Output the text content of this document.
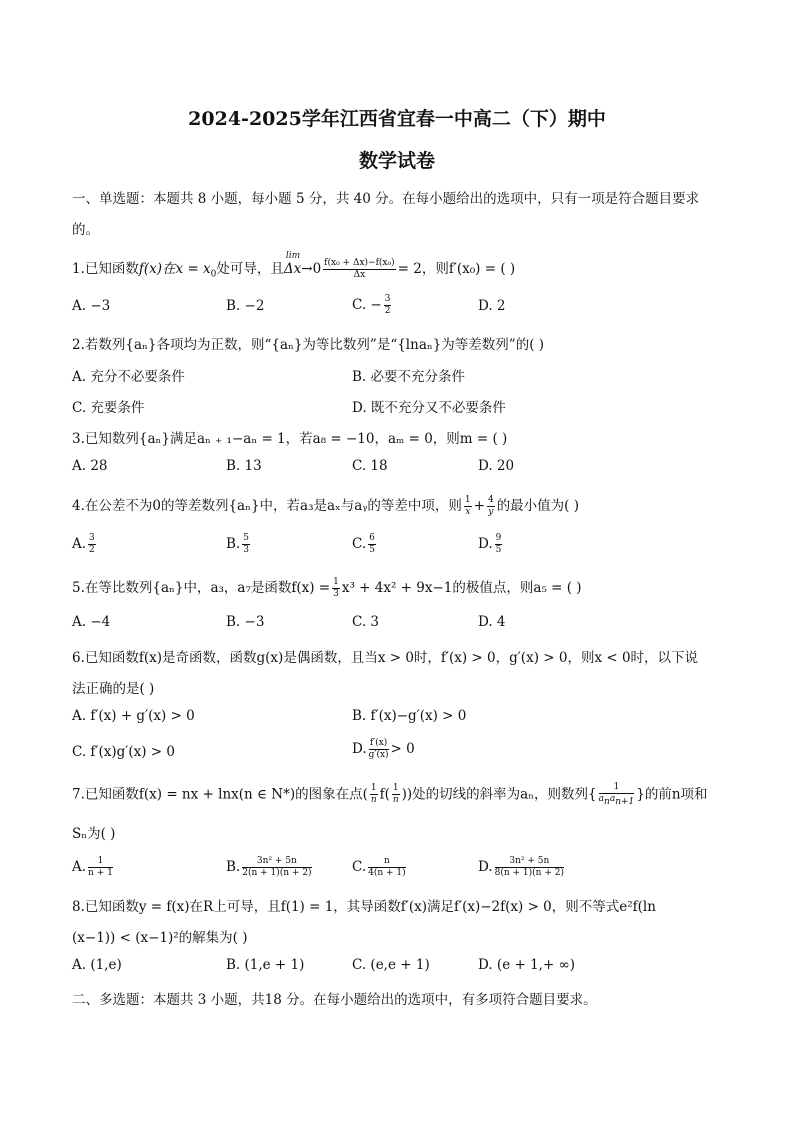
2024-2025学年江西省宜春一中高二（下）期中
数学试卷
一、单选题：本题共 8 小题，每小题 5 分，共 40 分。在每小题给出的选项中，只有一项是符合题目要求
的。
1.已知函数f(x)在$x = x_0$处可导，且
lim
$\Delta x\to 0 \frac{\text{f(x₀ + Δx)−f(x₀)}}{\Delta x} = 2$，则f′(x₀) = ( )
A. −3	B. −2	C. − $\frac{3}{2}$	D. 2
2.若数列{aₙ}各项均为正数，则“{aₙ}为等比数列”是“{lnaₙ}为等差数列”的( )
A. 充分不必要条件	B. 必要不充分条件
C. 充要条件	D. 既不充分又不必要条件
3.已知数列{aₙ}满足aₙ ₊ ₁−aₙ = 1，若a₈ = −10，aₘ = 0，则m = ( )
A. 28	B. 13	C. 18	D. 20
4.在公差不为0的等差数列{aₙ}中，若a₃是aₓ与aᵧ的等差中项，则 $\frac{1}{x} + \frac{4}{y}$ 的最小值为( )
A. $\frac{3}{2}$	B. $\frac{5}{3}$	C. $\frac{6}{5}$	D. $\frac{9}{5}$
5.在等比数列{aₙ}中，a₃，a₇是函数$f(x) = \frac{1}{3} x^3 + 4x^2 + 9x-1$的极值点，则a₅ = ( )
A. −4	B. −3	C. 3	D. 4
6.已知函数f(x)是奇函数，函数g(x)是偶函数，且当x > 0时，f′(x) > 0，g′(x) > 0，则x < 0时，以下说
法正确的是( )
A. f′(x) + g′(x) > 0	B. f′(x)−g′(x) > 0
C. f′(x)g′(x) > 0	D. $\frac{f'(x)}{g'(x)} > 0$
7.已知函数f(x) = nx + lnx(n ∈ N*)的图象在点( $\frac{1}{n} f( \frac{1}{n}$ ))处的切线的斜率为aₙ，则数列{ $\frac{1}{a_na_{n+1}}$ }的前n项和
Sₙ为( )
A. $\frac{1}{n + 1}$	B. $\frac{\text{3n² + 5n}}{2(n + 1)(n + 2)}$	C. $\frac{n}{4(n + 1)}$	D. $\frac{\text{3n² + 5n}}{8(n + 1)(n + 2)}$
8.已知函数y = f(x)在R上可导，且f(1) = 1，其导函数f′(x)满足f′(x)−2f(x) > 0，则不等式e²f(ln
(x−1)) < (x−1)²的解集为( )
A. (1,e)	B. (1,e + 1)	C. (e,e + 1)	D. (e + 1,+ ∞)
二、多选题：本题共 3 小题，共18 分。在每小题给出的选项中，有多项符合题目要求。
